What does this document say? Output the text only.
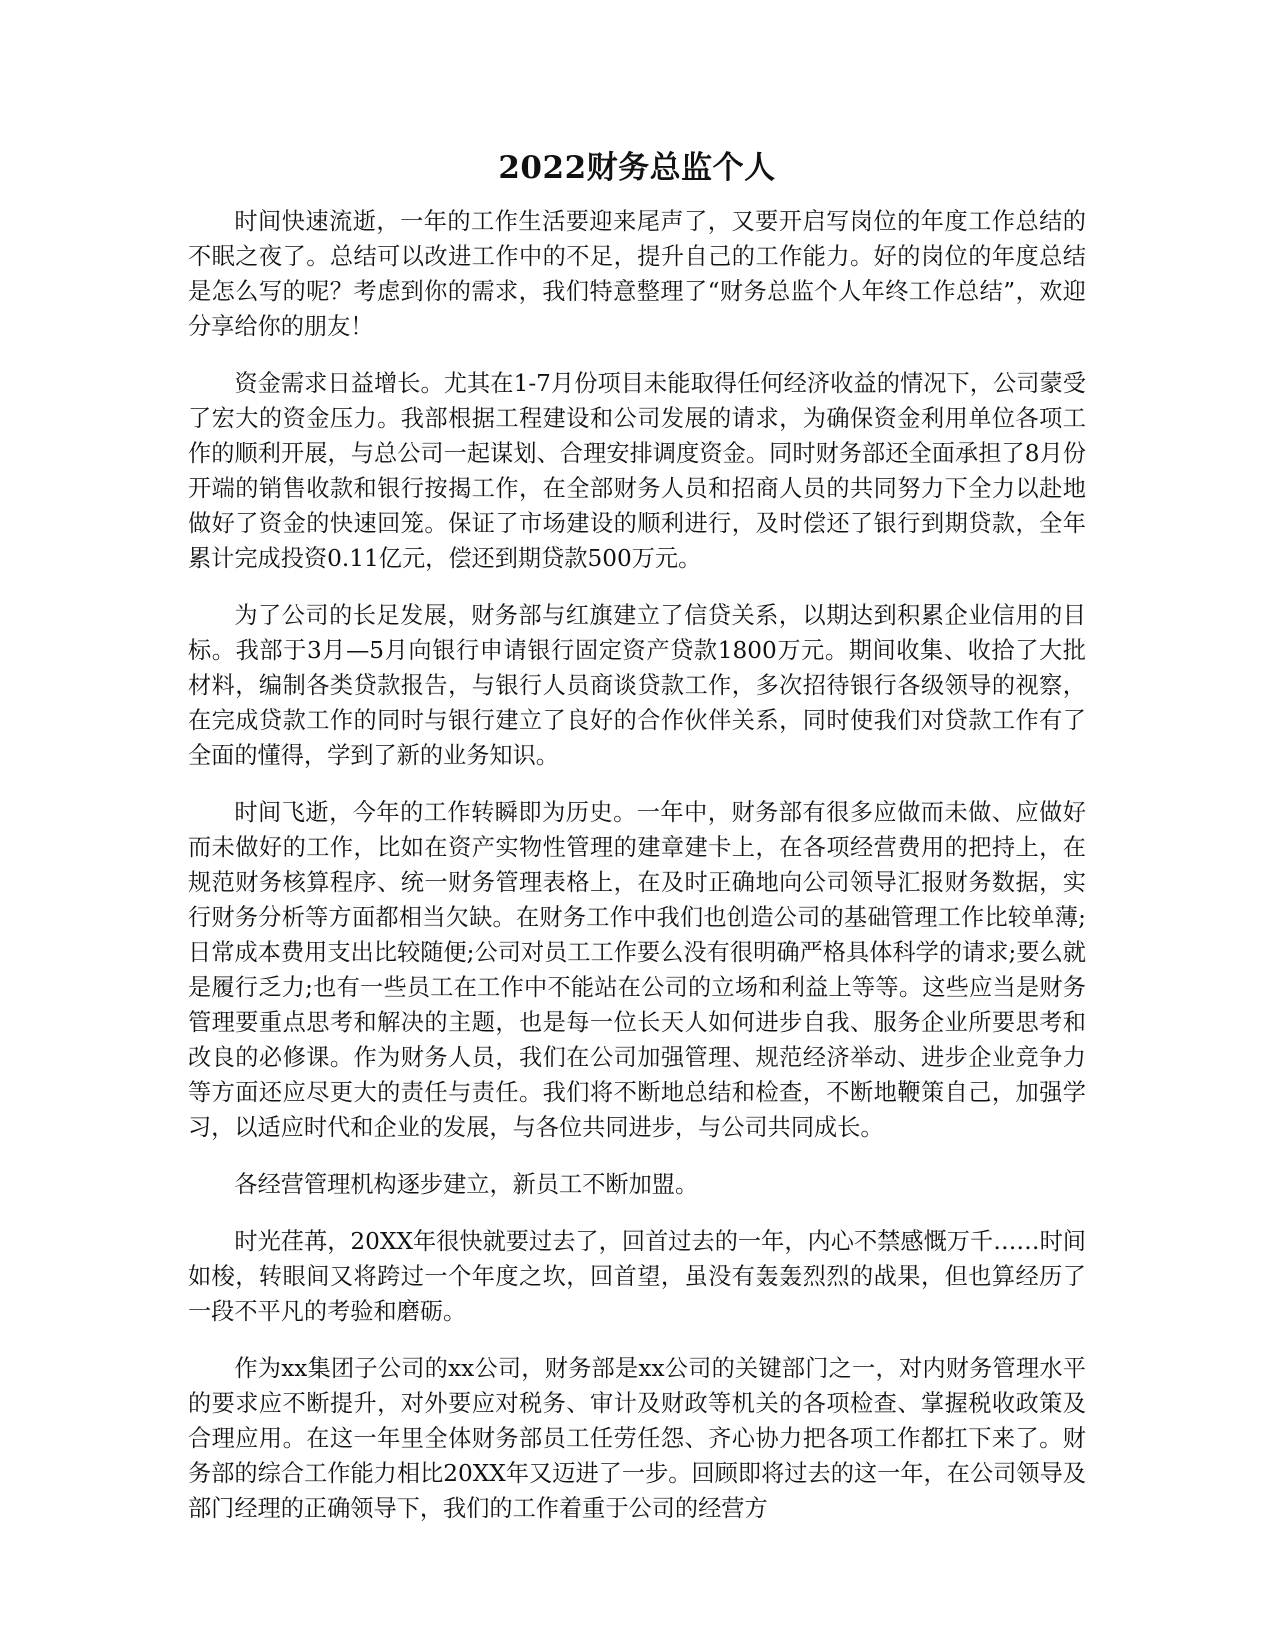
2022财务总监个人

时间快速流逝，一年的工作生活要迎来尾声了，又要开启写岗位的年度工作总结的不眠之夜了。总结可以改进工作中的不足，提升自己的工作能力。好的岗位的年度总结是怎么写的呢？考虑到你的需求，我们特意整理了“财务总监个人年终工作总结”，欢迎分享给你的朋友！

资金需求日益增长。尤其在1-7月份项目未能取得任何经济收益的情况下，公司蒙受了宏大的资金压力。我部根据工程建设和公司发展的请求，为确保资金利用单位各项工作的顺利开展，与总公司一起谋划、合理安排调度资金。同时财务部还全面承担了8月份开端的销售收款和银行按揭工作，在全部财务人员和招商人员的共同努力下全力以赴地做好了资金的快速回笼。保证了市场建设的顺利进行，及时偿还了银行到期贷款，全年累计完成投资0.11亿元，偿还到期贷款500万元。

为了公司的长足发展，财务部与红旗建立了信贷关系，以期达到积累企业信用的目标。我部于3月—5月向银行申请银行固定资产贷款1800万元。期间收集、收拾了大批材料，编制各类贷款报告，与银行人员商谈贷款工作，多次招待银行各级领导的视察，在完成贷款工作的同时与银行建立了良好的合作伙伴关系，同时使我们对贷款工作有了全面的懂得，学到了新的业务知识。

时间飞逝，今年的工作转瞬即为历史。一年中，财务部有很多应做而未做、应做好而未做好的工作，比如在资产实物性管理的建章建卡上，在各项经营费用的把持上，在规范财务核算程序、统一财务管理表格上，在及时正确地向公司领导汇报财务数据，实行财务分析等方面都相当欠缺。在财务工作中我们也创造公司的基础管理工作比较单薄;日常成本费用支出比较随便;公司对员工工作要么没有很明确严格具体科学的请求;要么就是履行乏力;也有一些员工在工作中不能站在公司的立场和利益上等等。这些应当是财务管理要重点思考和解决的主题，也是每一位长天人如何进步自我、服务企业所要思考和改良的必修课。作为财务人员，我们在公司加强管理、规范经济举动、进步企业竞争力等方面还应尽更大的责任与责任。我们将不断地总结和检查，不断地鞭策自己，加强学习，以适应时代和企业的发展，与各位共同进步，与公司共同成长。

各经营管理机构逐步建立，新员工不断加盟。

时光荏苒，20XX年很快就要过去了，回首过去的一年，内心不禁感慨万千……时间如梭，转眼间又将跨过一个年度之坎，回首望，虽没有轰轰烈烈的战果，但也算经历了一段不平凡的考验和磨砺。

作为xx集团子公司的xx公司，财务部是xx公司的关键部门之一，对内财务管理水平的要求应不断提升，对外要应对税务、审计及财政等机关的各项检查、掌握税收政策及合理应用。在这一年里全体财务部员工任劳任怨、齐心协力把各项工作都扛下来了。财务部的综合工作能力相比20XX年又迈进了一步。回顾即将过去的这一年，在公司领导及部门经理的正确领导下，我们的工作着重于公司的经营方
